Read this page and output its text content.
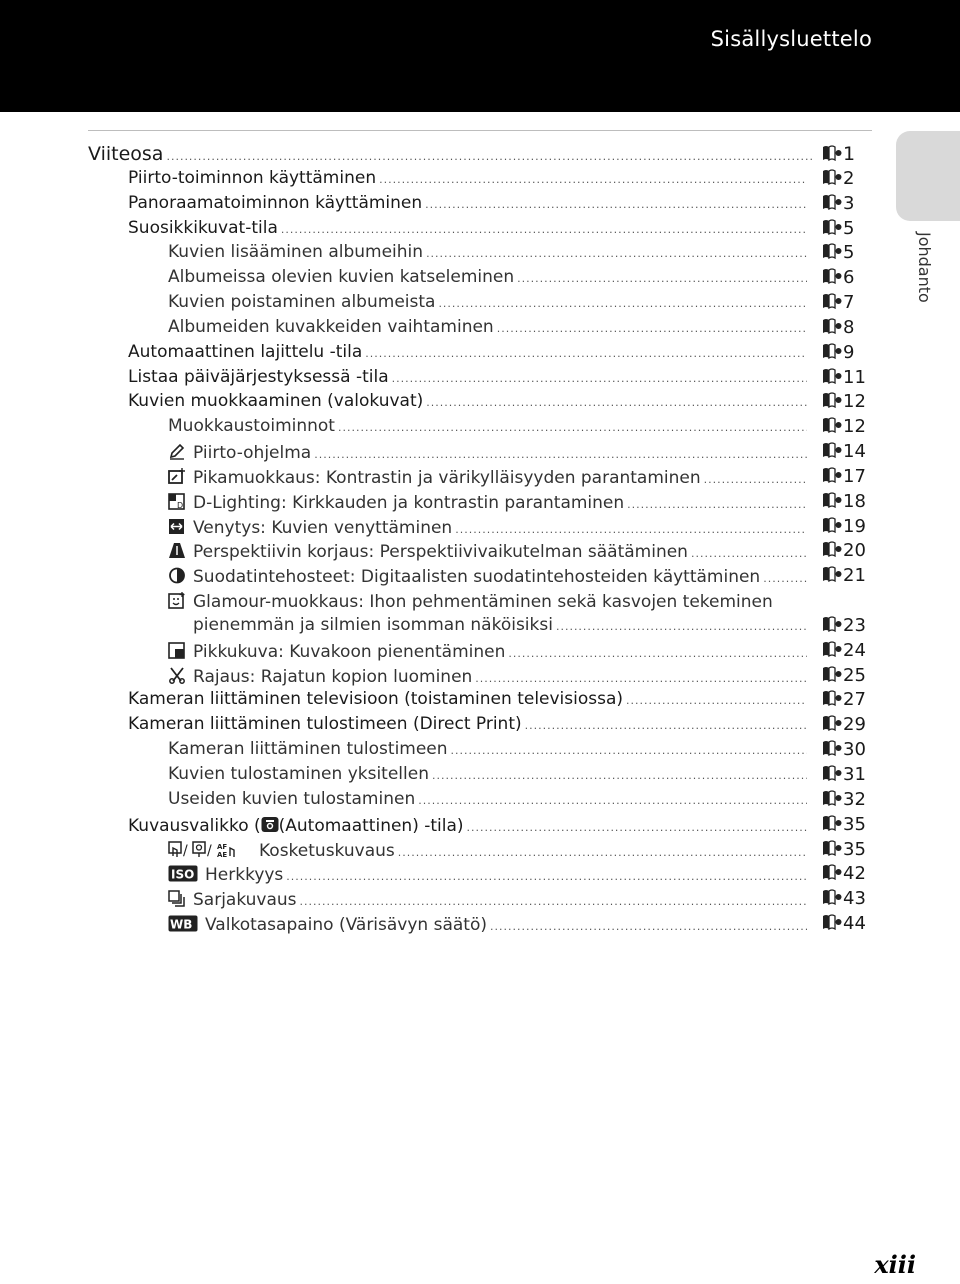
Sisällysluettelo
Johdanto
Viiteosa .....	1
Piirto-toiminnon käyttäminen .....	2
Panoraamatoiminnon käyttäminen .....	3
Suosikkikuvat-tila .....	5
Kuvien lisääminen albumeihin .....	5
Albumeissa olevien kuvien katseleminen .....	6
Kuvien poistaminen albumeista .....	7
Albumeiden kuvakkeiden vaihtaminen .....	8
Automaattinen lajittelu -tila .....	9
Listaa päiväjärjestyksessä -tila .....	11
Kuvien muokkaaminen (valokuvat) .....	12
Muokkaustoiminnot .....	12
Piirto-ohjelma .....	14
Pikamuokkaus: Kontrastin ja värikylläisyyden parantaminen .....	17
D D-Lighting: Kirkkauden ja kontrastin parantaminen .....	18
Venytys: Kuvien venyttäminen .....	19
Perspektiivin korjaus: Perspektiivivaikutelman säätäminen .....	20
Suodatintehosteet: Digitaalisten suodatintehosteiden käyttäminen .....	21
Glamour-muokkaus: Ihon pehmentäminen sekä kasvojen tekeminen
pienemmän ja silmien isomman näköisiksi .....	23
Pikkukuva: Kuvakoon pienentäminen .....	24
Rajaus: Rajatun kopion luominen .....	25
Kameran liittäminen televisioon (toistaminen televisiossa) .....	27
Kameran liittäminen tulostimeen (Direct Print) .....	29
Kameran liittäminen tulostimeen .....	30
Kuvien tulostaminen yksitellen .....	31
Useiden kuvien tulostaminen .....	32
Kuvausvalikko ( (Automaattinen) -tila) .....	35
/ / AF
AE Kosketuskuvaus .....	35
ISO Herkkyys .....	42
Sarjakuvaus .....	43
WB Valkotasapaino (Värisävyn säätö) .....	44
xiii
